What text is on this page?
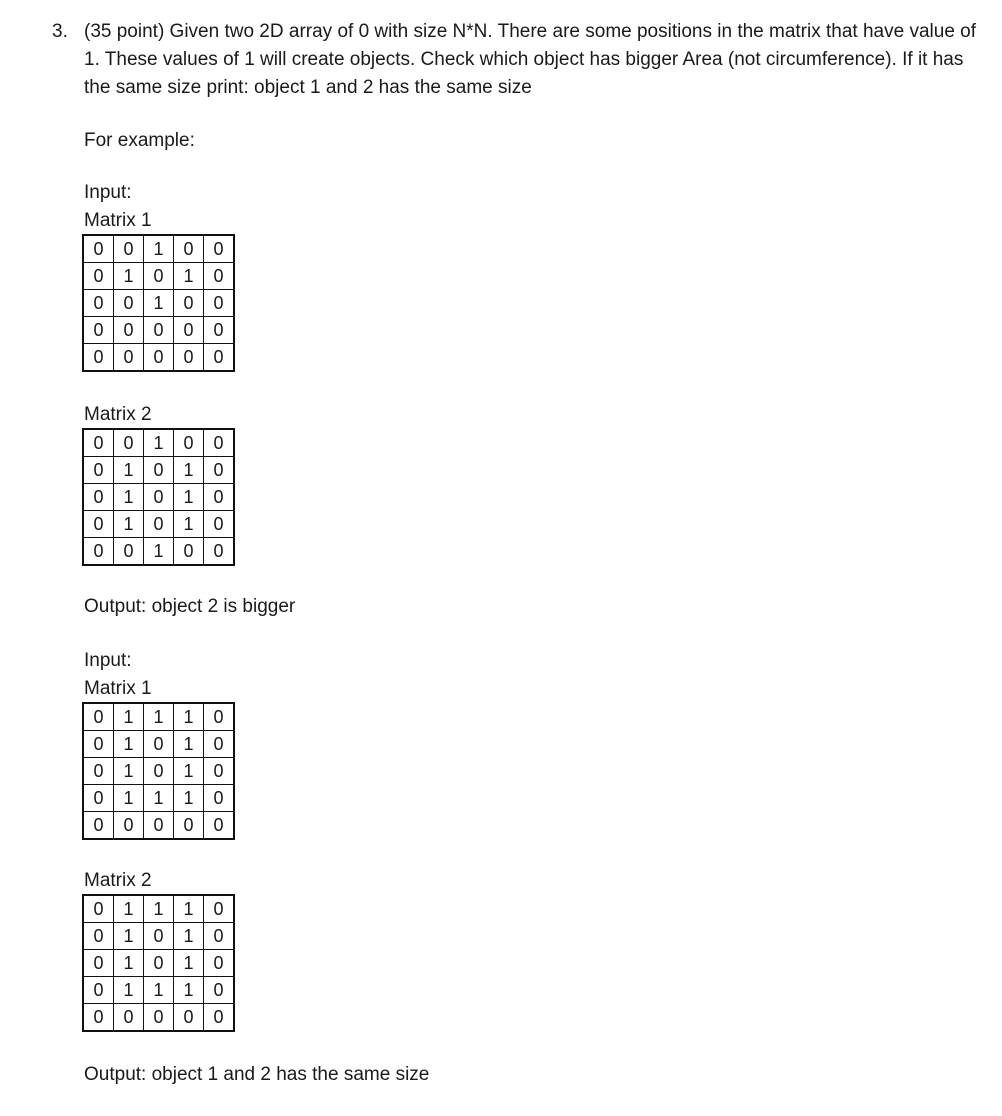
3. (35 point) Given two 2D array of 0 with size N*N. There are some positions in the matrix that have value of 1. These values of 1 will create objects. Check which object has bigger Area (not circumference). If it has the same size print: object 1 and 2 has the same size
For example:
Input:
Matrix 1
0	0	1	0	0
0	1	0	1	0
0	0	1	0	0
0	0	0	0	0
0	0	0	0	0
Matrix 2
0	0	1	0	0
0	1	0	1	0
0	1	0	1	0
0	1	0	1	0
0	0	1	0	0
Output: object 2 is bigger
Input:
Matrix 1
0	1	1	1	0
0	1	0	1	0
0	1	0	1	0
0	1	1	1	0
0	0	0	0	0
Matrix 2
0	1	1	1	0
0	1	0	1	0
0	1	0	1	0
0	1	1	1	0
0	0	0	0	0
Output: object 1 and 2 has the same size
